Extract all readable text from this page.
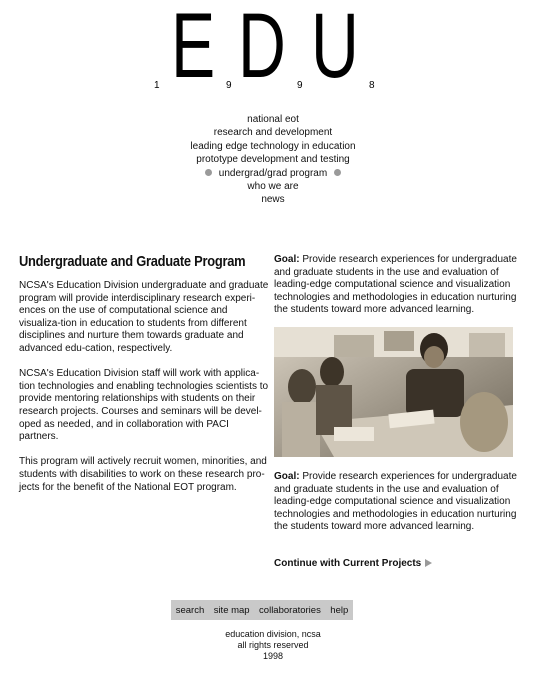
E D U
1	9	9	8
national eot
research and development
leading edge technology in education
prototype development and testing
undergrad/grad program
who we are
news
Undergraduate and Graduate Program

NCSA's Education Division undergraduate and graduate program will provide interdisciplinary research experi-ences on the use of computational science and visualiza-tion in education to students from different disciplines and nurture them towards graduate and advanced edu-cation, respectively.

NCSA's Education Division staff will work with applica-tion technologies and enabling technologies scientists to provide mentoring relationships with students on their research projects. Courses and seminars will be devel-oped as needed, and in collaboration with PACI partners.

This program will actively recruit women, minorities, and students with disabilities to work on these research pro-jects for the benefit of the National EOT program.

Goal: Provide research experiences for undergraduate and graduate students in the use and evaluation of leading-edge computational science and visualization technologies and methodologies in education nurturing the students toward more advanced learning.
Goal: Provide research experiences for undergraduate and graduate students in the use and evaluation of leading-edge computational science and visualization technologies and methodologies in education nurturing the students toward more advanced learning.
Continue with Current Projects
search site map collaboratories help
education division, ncsa
all rights reserved
1998
